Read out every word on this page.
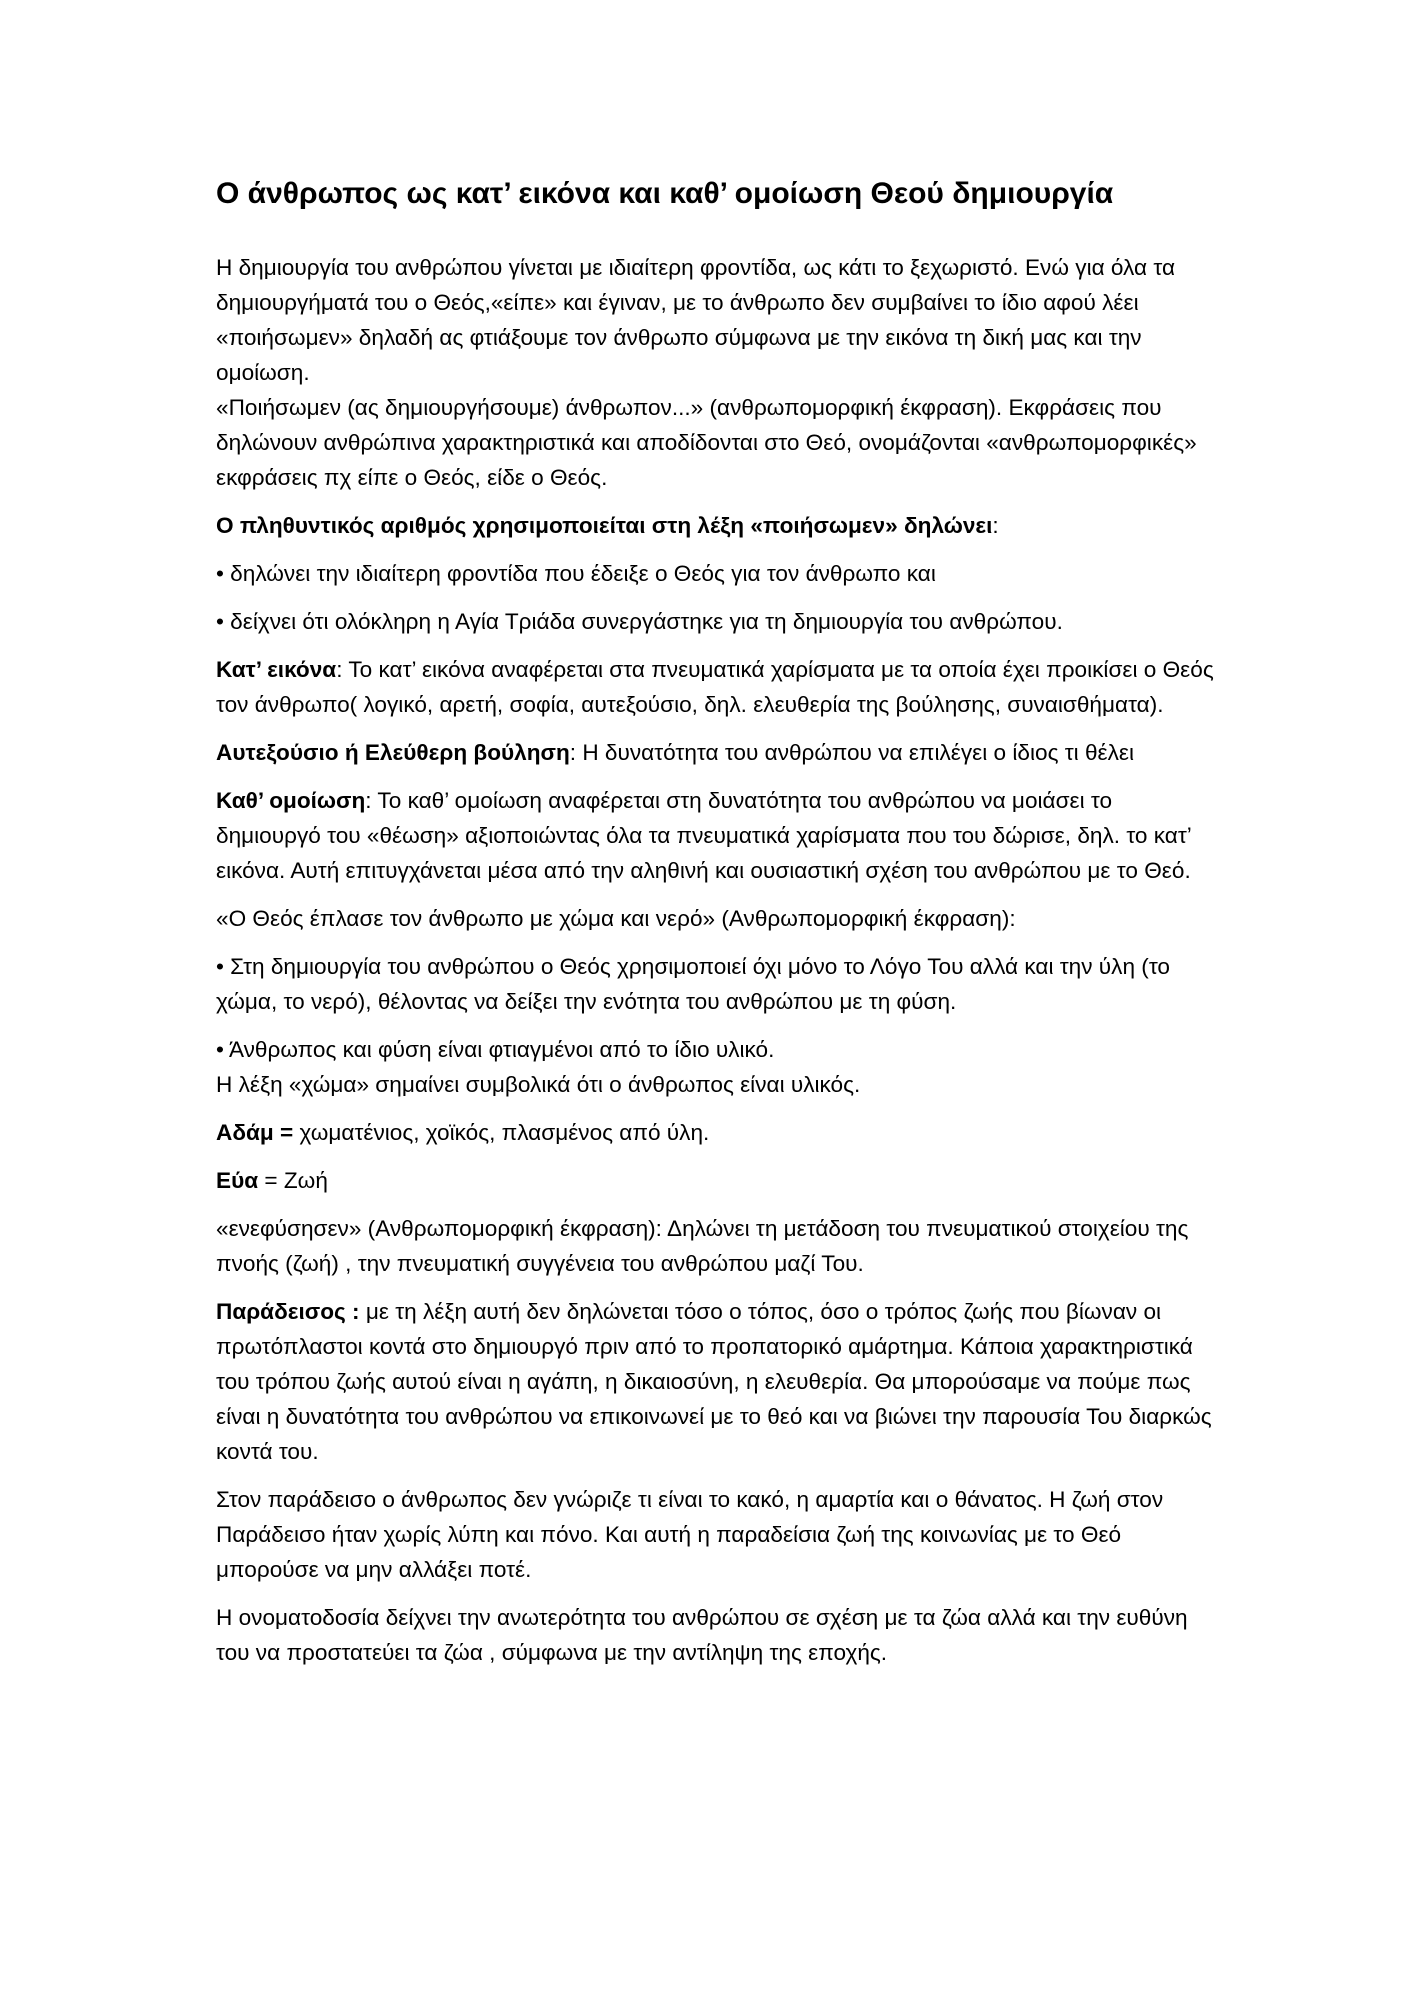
Ο άνθρωπος ως κατ’ εικόνα και καθ’ ομοίωση Θεού δημιουργία

Η δημιουργία του ανθρώπου γίνεται με ιδιαίτερη φροντίδα, ως κάτι το ξεχωριστό. Ενώ για όλα τα δημιουργήματά του ο Θεός,«είπε» και έγιναν, με το άνθρωπο δεν συμβαίνει το ίδιο αφού λέει «ποιήσωμεν» δηλαδή ας φτιάξουμε τον άνθρωπο σύμφωνα με την εικόνα τη δική μας και την ομοίωση.
«Ποιήσωμεν (ας δημιουργήσουμε) άνθρωπον...» (ανθρωπομορφική έκφραση). Εκφράσεις που δηλώνουν ανθρώπινα χαρακτηριστικά και αποδίδονται στο Θεό, ονομάζονται «ανθρωπομορφικές» εκφράσεις πχ είπε ο Θεός, είδε ο Θεός.

Ο πληθυντικός αριθμός χρησιμοποιείται στη λέξη «ποιήσωμεν» δηλώνει:

• δηλώνει την ιδιαίτερη φροντίδα που έδειξε ο Θεός για τον άνθρωπο και

• δείχνει ότι ολόκληρη η Αγία Τριάδα συνεργάστηκε για τη δημιουργία του ανθρώπου.

Κατ’ εικόνα: Το κατ’ εικόνα αναφέρεται στα πνευματικά χαρίσματα με τα οποία έχει προικίσει ο Θεός τον άνθρωπο( λογικό, αρετή, σοφία, αυτεξούσιο, δηλ. ελευθερία της βούλησης, συναισθήματα).

Αυτεξούσιο ή Ελεύθερη βούληση: Η δυνατότητα του ανθρώπου να επιλέγει ο ίδιος τι θέλει

Καθ’ ομοίωση: Το καθ’ ομοίωση αναφέρεται στη δυνατότητα του ανθρώπου να μοιάσει το δημιουργό του «θέωση» αξιοποιώντας όλα τα πνευματικά χαρίσματα που του δώρισε, δηλ. το κατ’ εικόνα. Αυτή επιτυγχάνεται μέσα από την αληθινή και ουσιαστική σχέση του ανθρώπου με το Θεό.

«Ο Θεός έπλασε τον άνθρωπο με χώμα και νερό» (Ανθρωπομορφική έκφραση):

• Στη δημιουργία του ανθρώπου ο Θεός χρησιμοποιεί όχι μόνο το Λόγο Του αλλά και την ύλη (το χώμα, το νερό), θέλοντας να δείξει την ενότητα του ανθρώπου με τη φύση.

• Άνθρωπος και φύση είναι φτιαγμένοι από το ίδιο υλικό.
Η λέξη «χώμα» σημαίνει συμβολικά ότι ο άνθρωπος είναι υλικός.

Αδάμ = χωματένιος, χοϊκός, πλασμένος από ύλη.

Εύα = Ζωή

«ενεφύσησεν» (Ανθρωπομορφική έκφραση): Δηλώνει τη μετάδοση του πνευματικού στοιχείου της πνοής (ζωή) , την πνευματική συγγένεια του ανθρώπου μαζί Του.

Παράδεισος : με τη λέξη αυτή δεν δηλώνεται τόσο ο τόπος, όσο ο τρόπος ζωής που βίωναν οι πρωτόπλαστοι κοντά στο δημιουργό πριν από το προπατορικό αμάρτημα. Κάποια χαρακτηριστικά του τρόπου ζωής αυτού είναι η αγάπη, η δικαιοσύνη, η ελευθερία. Θα μπορούσαμε να πούμε πως είναι η δυνατότητα του ανθρώπου να επικοινωνεί με το θεό και να βιώνει την παρουσία Του διαρκώς κοντά του.

Στον παράδεισο ο άνθρωπος δεν γνώριζε τι είναι το κακό, η αμαρτία και ο θάνατος. Η ζωή στον Παράδεισο ήταν χωρίς λύπη και πόνο. Και αυτή η παραδείσια ζωή της κοινωνίας με το Θεό μπορούσε να μην αλλάξει ποτέ.

Η ονοματοδοσία δείχνει την ανωτερότητα του ανθρώπου σε σχέση με τα ζώα αλλά και την ευθύνη του να προστατεύει τα ζώα , σύμφωνα με την αντίληψη της εποχής.
